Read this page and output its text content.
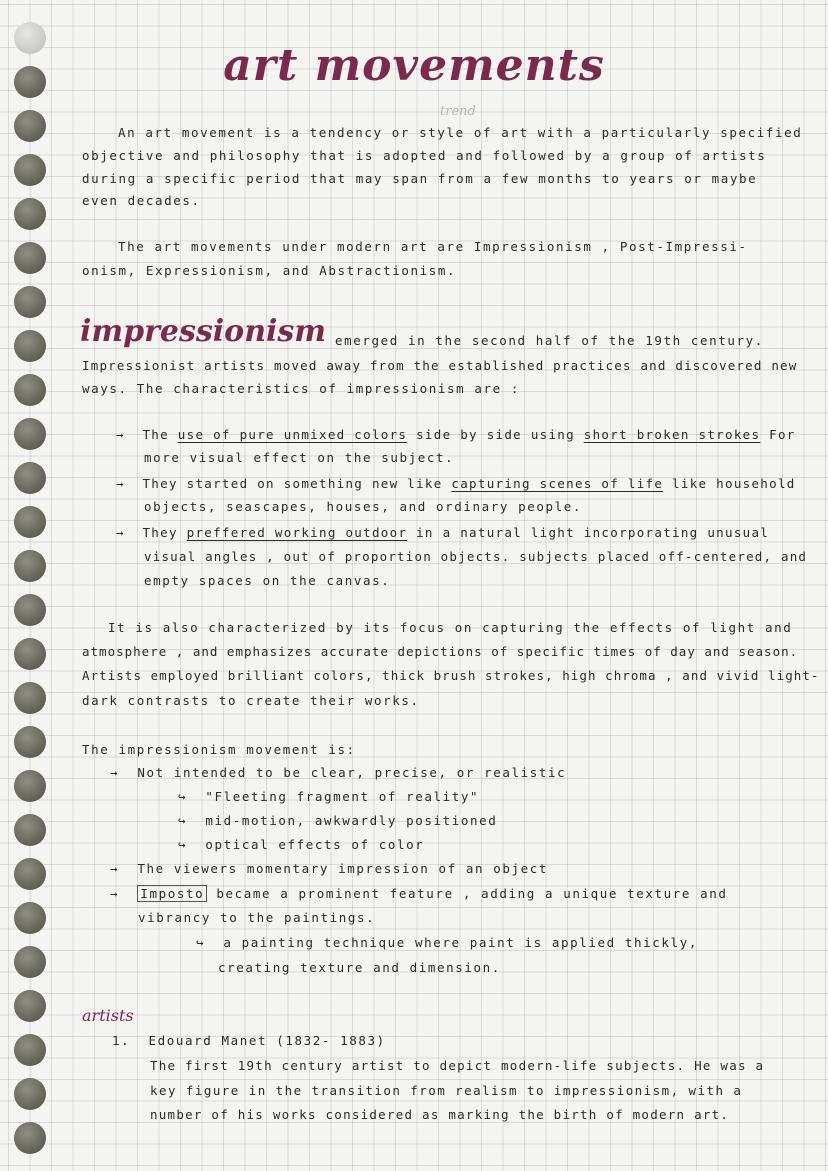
art movements
trend
An art movement is a tendency or style of art with a particularly specified
objective and philosophy that is adopted and followed by a group of artists
during a specific period that may span from a few months to years or maybe
even decades.
The art movements under modern art are Impressionism , Post-Impressi-
onism, Expressionism, and Abstractionism.
impressionism emerged in the second half of the 19th century.
Impressionist artists moved away from the established practices and discovered new
ways. The characteristics of impressionism are :
→ The use of pure unmixed colors side by side using short broken strokes For
more visual effect on the subject.
→ They started on something new like capturing scenes of life like household
objects, seascapes, houses, and ordinary people.
→ They preffered working outdoor in a natural light incorporating unusual
visual angles , out of proportion objects. subjects placed off-centered, and
empty spaces on the canvas.
It is also characterized by its focus on capturing the effects of light and
atmosphere , and emphasizes accurate depictions of specific times of day and season.
Artists employed brilliant colors, thick brush strokes, high chroma , and vivid light-
dark contrasts to create their works.
The impressionism movement is:
→ Not intended to be clear, precise, or realistic
↪ "Fleeting fragment of reality"
↪ mid-motion, awkwardly positioned
↪ optical effects of color
→ The viewers momentary impression of an object
→ Imposto became a prominent feature , adding a unique texture and
vibrancy to the paintings.
↪ a painting technique where paint is applied thickly,
creating texture and dimension.
artists
1. Edouard Manet (1832- 1883)
The first 19th century artist to depict modern-life subjects. He was a
key figure in the transition from realism to impressionism, with a
number of his works considered as marking the birth of modern art.
